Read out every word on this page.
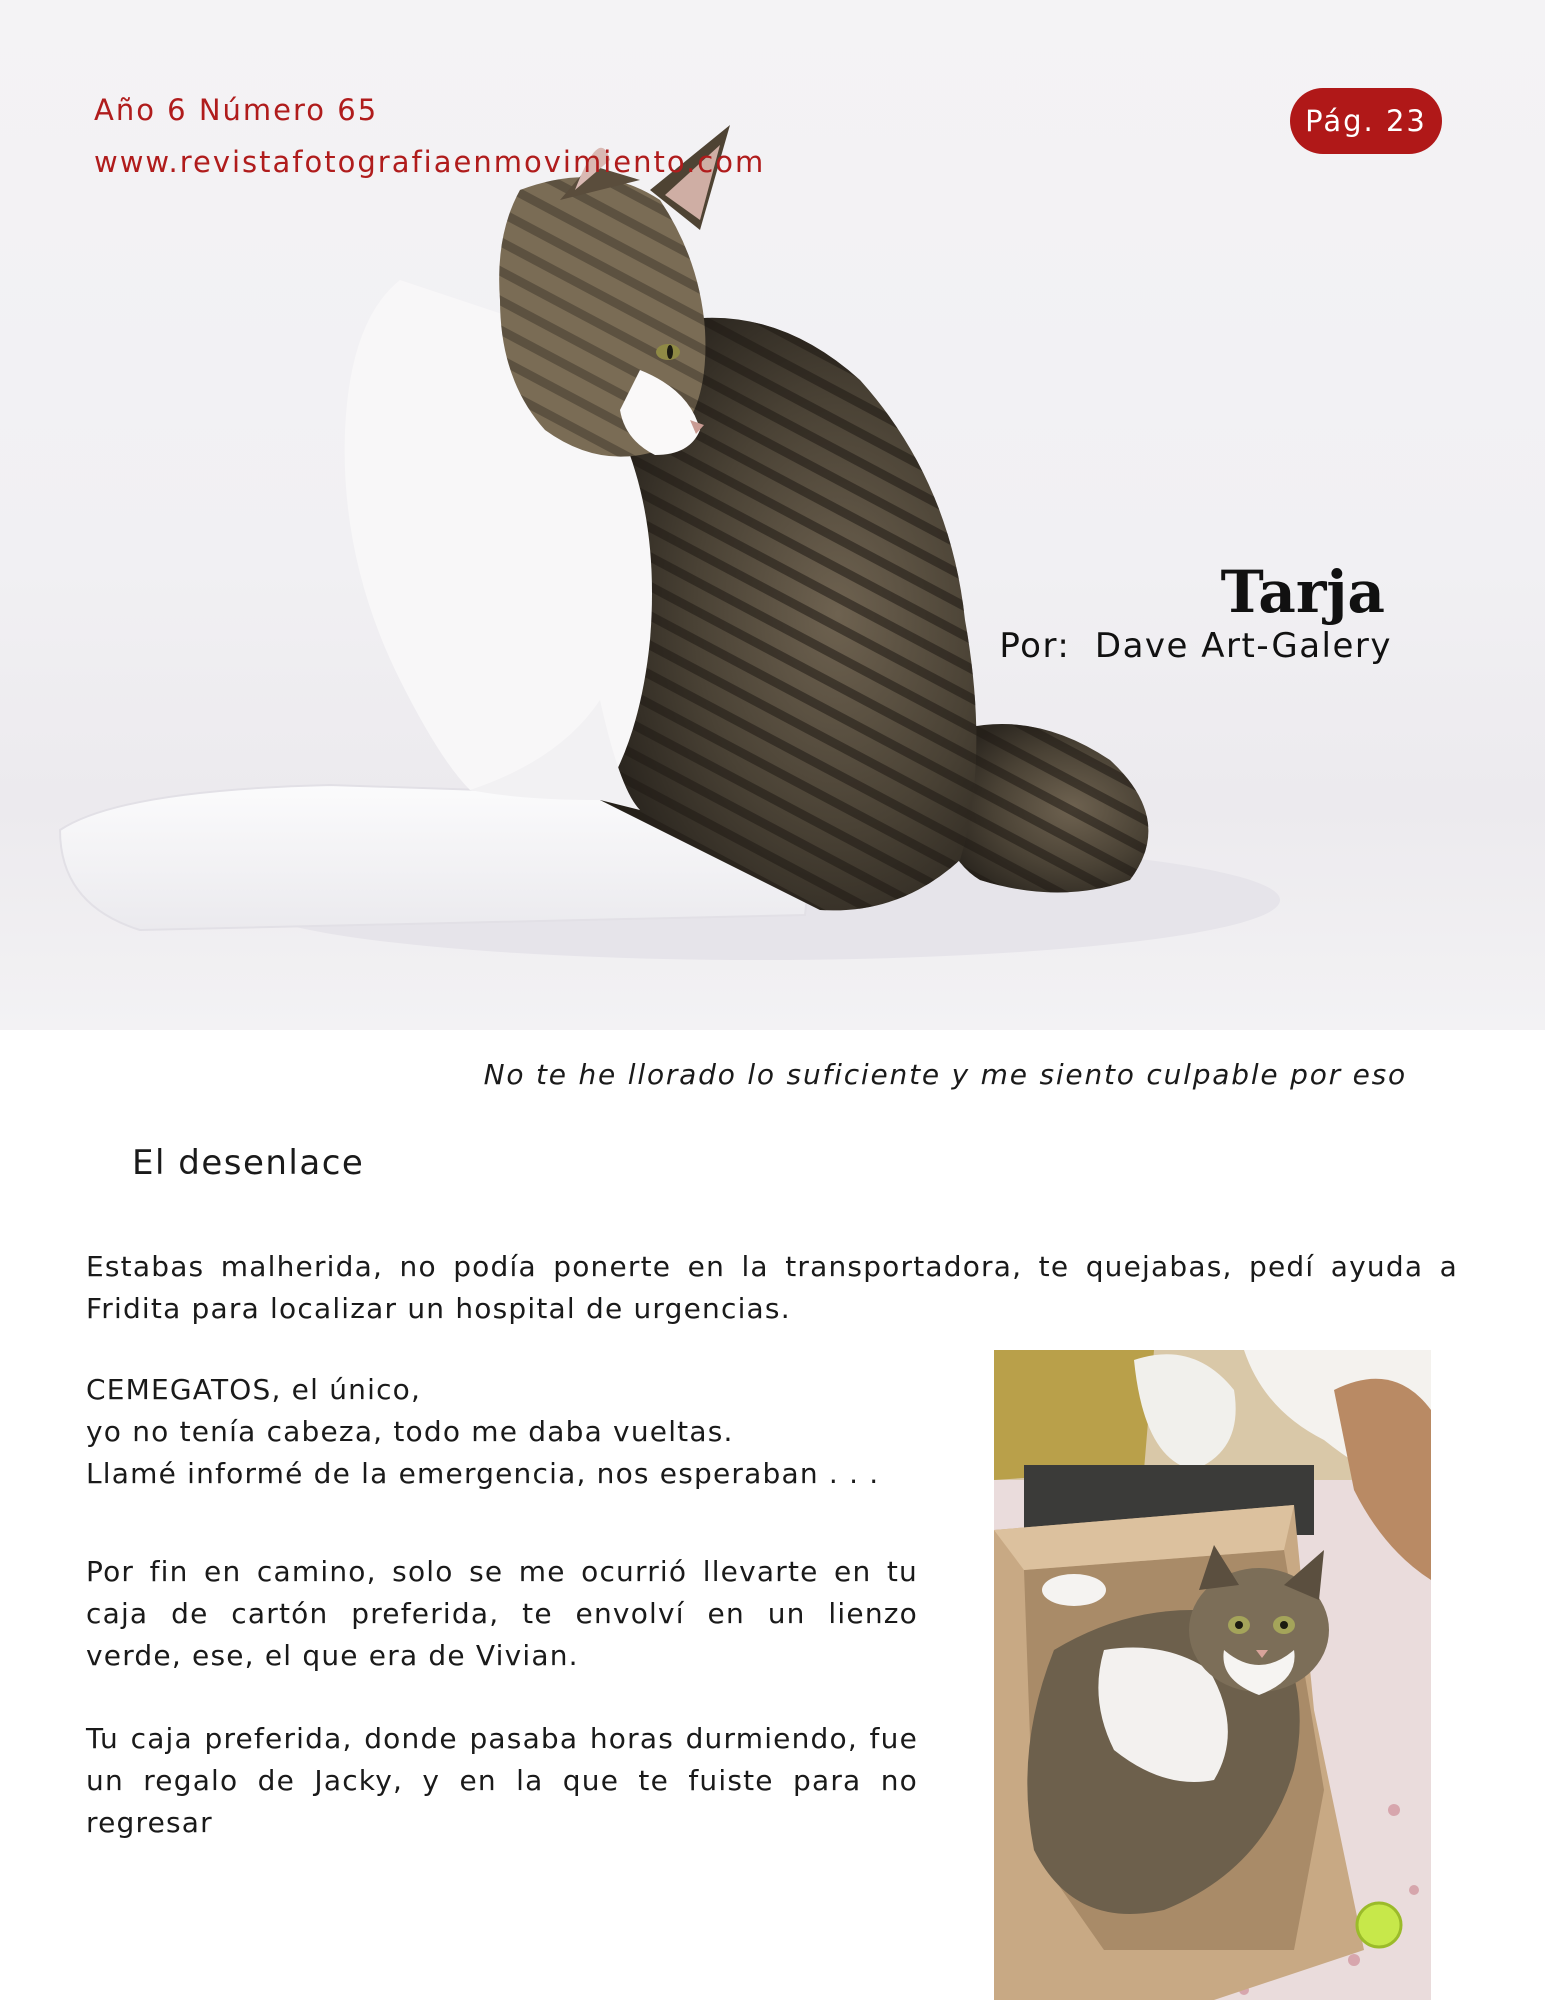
Año 6 Número 65
www.revistafotografiaenmovimiento.com
Pág. 23
Tarja
Por:  Dave Art-Galery
No te he llorado lo suficiente y me siento culpable por eso
El desenlace

Estabas malherida, no podía ponerte en la transportadora, te quejabas, pedí ayuda a Fridita para localizar un hospital de urgencias.

CEMEGATOS, el único,
yo no tenía cabeza, todo me daba vueltas.
Llamé informé de la emergencia, nos esperaban . . .

Por fin en camino, solo se me ocurrió llevarte en tu caja de cartón preferida, te envolví en un lienzo verde, ese, el que era de Vivian.

Tu caja preferida, donde pasaba horas durmiendo, fue un regalo de Jacky, y en la que te fuiste para no regresar
